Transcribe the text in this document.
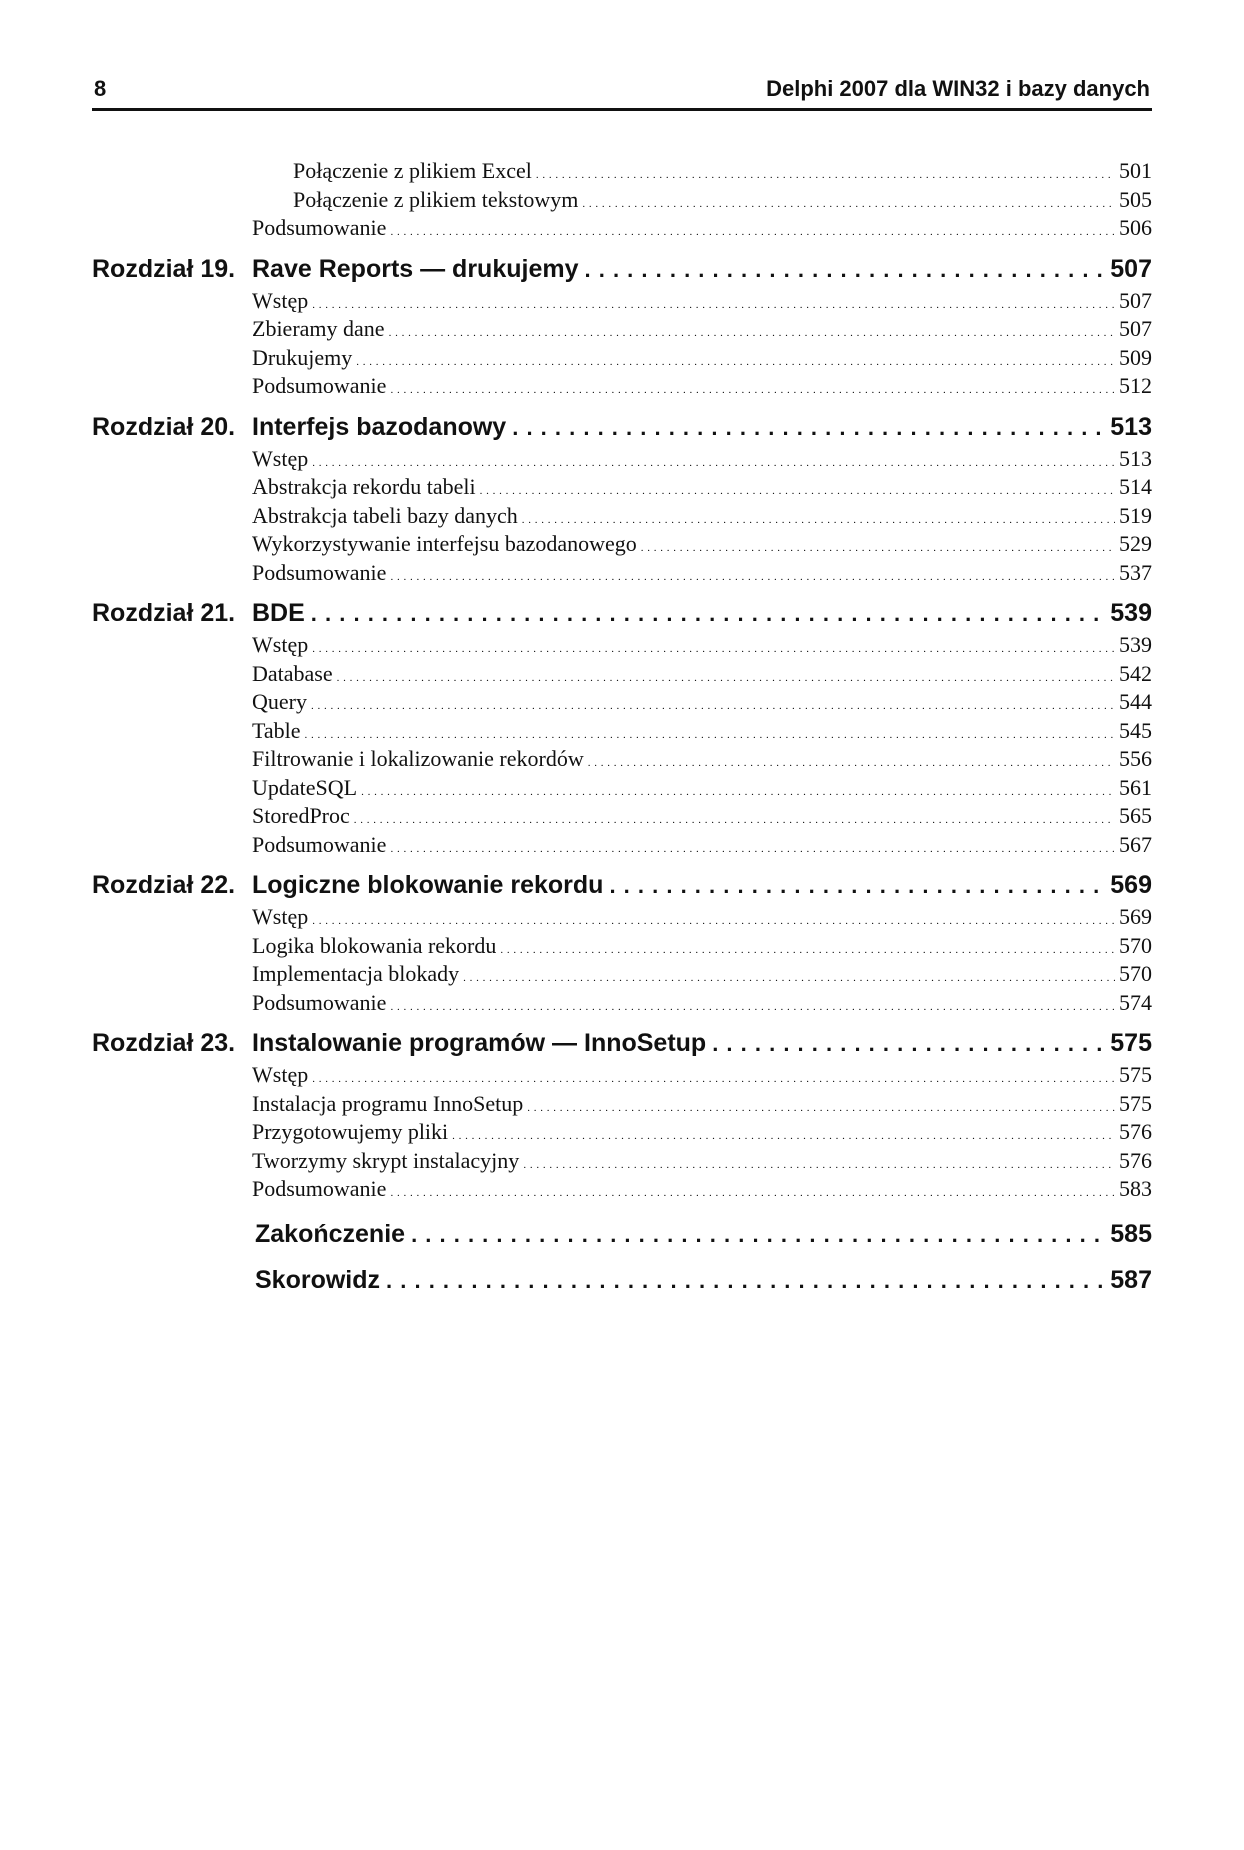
8	Delphi 2007 dla WIN32 i bazy danych
Połączenie z plikiem Excel . . .	501
Połączenie z plikiem tekstowym . . .	505
Podsumowanie . . .	506
Rozdział 19. Rave Reports — drukujemy . . .	507
Wstęp . . .	507
Zbieramy dane . . .	507
Drukujemy . . .	509
Podsumowanie . . .	512
Rozdział 20. Interfejs bazodanowy . . .	513
Wstęp . . .	513
Abstrakcja rekordu tabeli . . .	514
Abstrakcja tabeli bazy danych . . .	519
Wykorzystywanie interfejsu bazodanowego . . .	529
Podsumowanie . . .	537
Rozdział 21. BDE . . .	539
Wstęp . . .	539
Database . . .	542
Query . . .	544
Table . . .	545
Filtrowanie i lokalizowanie rekordów . . .	556
UpdateSQL . . .	561
StoredProc . . .	565
Podsumowanie . . .	567
Rozdział 22. Logiczne blokowanie rekordu . . .	569
Wstęp . . .	569
Logika blokowania rekordu . . .	570
Implementacja blokady . . .	570
Podsumowanie . . .	574
Rozdział 23. Instalowanie programów — InnoSetup . . .	575
Wstęp . . .	575
Instalacja programu InnoSetup . . .	575
Przygotowujemy pliki . . .	576
Tworzymy skrypt instalacyjny . . .	576
Podsumowanie . . .	583
Zakończenie . . .	585
Skorowidz . . .	587
